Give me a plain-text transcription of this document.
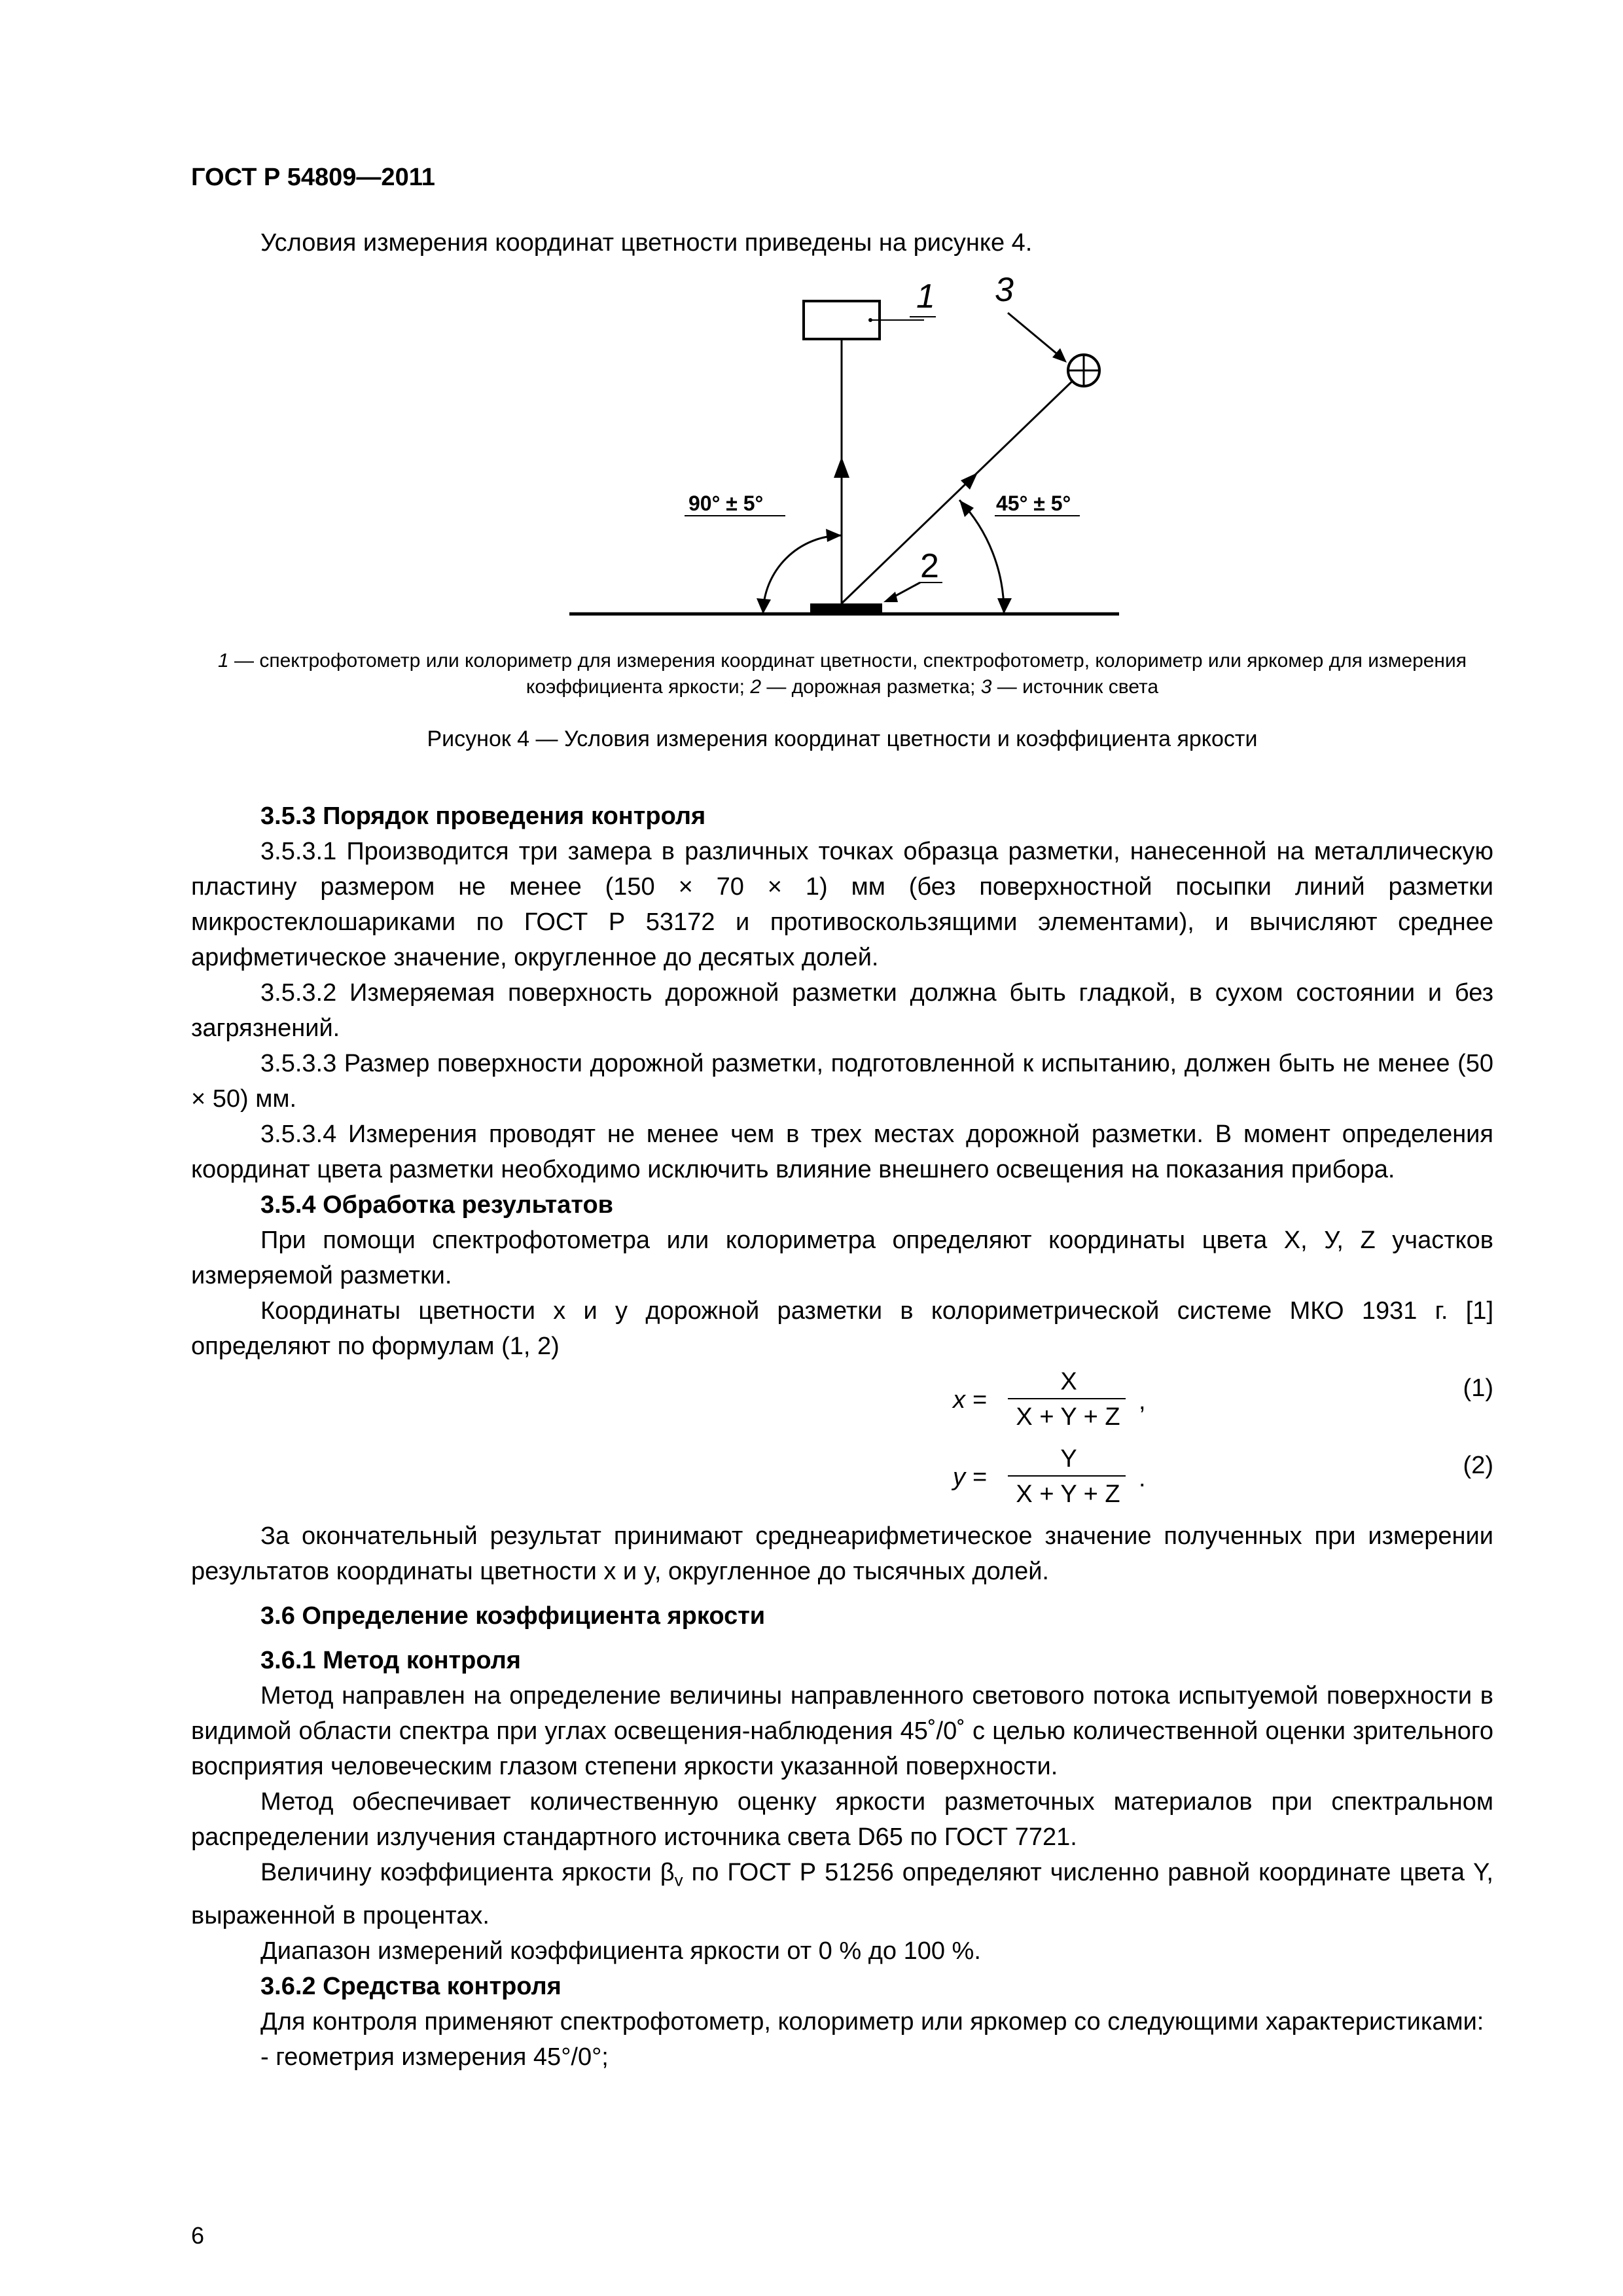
ГОСТ Р 54809—2011
Условия измерения координат цветности приведены на рисунке 4.
1 3
2
90° ± 5°	45° ± 5°
1 — спектрофотометр или колориметр для измерения координат цветности, спектрофотометр, колориметр или яркомер для измерения коэффициента яркости; 2 — дорожная разметка; 3 — источник света
Рисунок 4 — Условия измерения координат цветности и коэффициента яркости

3.5.3 Порядок проведения контроля

3.5.3.1 Производится три замера в различных точках образца разметки, нанесенной на металлическую пластину размером не менее (150 × 70 × 1) мм (без поверхностной посыпки линий разметки микростеклошариками по ГОСТ Р 53172 и противоскользящими элементами), и вычисляют среднее арифметическое значение, округленное до десятых долей.

3.5.3.2 Измеряемая поверхность дорожной разметки должна быть гладкой, в сухом состоянии и без загрязнений.

3.5.3.3 Размер поверхности дорожной разметки, подготовленной к испытанию, должен быть не менее (50 × 50) мм.

3.5.3.4 Измерения проводят не менее чем в трех местах дорожной разметки. В момент определения координат цвета разметки необходимо исключить влияние внешнего освещения на показания прибора.

3.5.4 Обработка результатов

При помощи спектрофотометра или колориметра определяют координаты цвета X, У, Z участков измеряемой разметки.

Координаты цветности x и y дорожной разметки в колориметрической системе МКО 1931 г. [1] определяют по формулам (1, 2)

x =
X
X + Y + Z
,	(1)
y =
Y
X + Y + Z
.	(2)

За окончательный результат принимают среднеарифметическое значение полученных при измерении результатов координаты цветности x и y, округленное до тысячных долей.

3.6 Определение коэффициента яркости

3.6.1 Метод контроля

Метод направлен на определение величины направленного светового потока испытуемой поверхности в видимой области спектра при углах освещения-наблюдения 45˚/0˚ с целью количественной оценки зрительного восприятия человеческим глазом степени яркости указанной поверхности.

Метод обеспечивает количественную оценку яркости разметочных материалов при спектральном распределении излучения стандартного источника света D65 по ГОСТ 7721.

Величину коэффициента яркости $\beta_v$ по ГОСТ Р 51256 определяют численно равной координате цвета Y, выраженной в процентах.

Диапазон измерений коэффициента яркости от 0 % до 100 %.

3.6.2 Средства контроля

Для контроля применяют спектрофотометр, колориметр или яркомер со следующими характеристиками:

- геометрия измерения 45°/0°;

6
